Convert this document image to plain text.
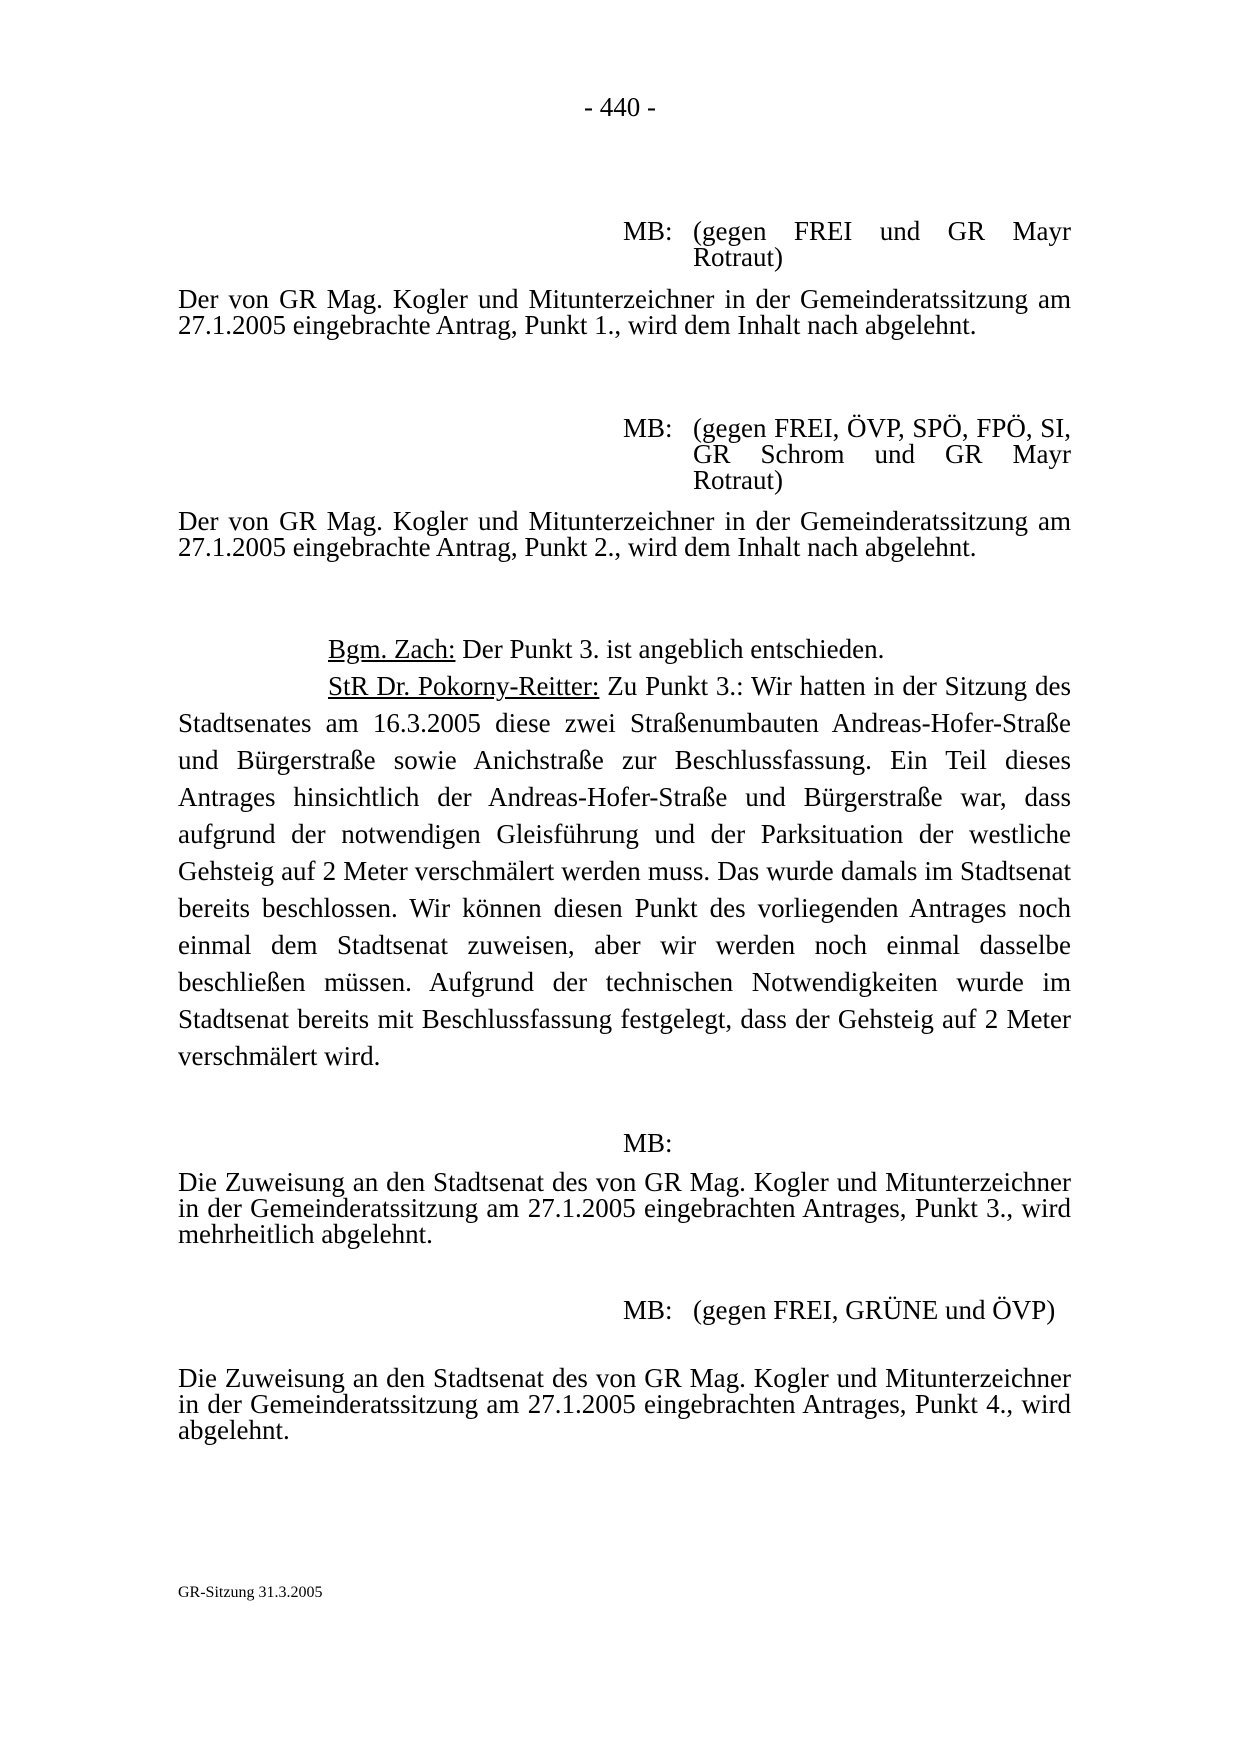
- 440 -
MB: (gegen FREI und GR Mayr Rotraut)
Der von GR Mag. Kogler und Mitunterzeichner in der Gemeinderatssitzung am 27.1.2005 eingebrachte Antrag, Punkt 1., wird dem Inhalt nach abgelehnt.
MB: (gegen FREI, ÖVP, SPÖ, FPÖ, SI, GR Schrom und GR Mayr Rotraut)
Der von GR Mag. Kogler und Mitunterzeichner in der Gemeinderatssitzung am 27.1.2005 eingebrachte Antrag, Punkt 2., wird dem Inhalt nach abgelehnt.

Bgm. Zach: Der Punkt 3. ist angeblich entschieden.

StR Dr. Pokorny-Reitter: Zu Punkt 3.: Wir hatten in der Sitzung des Stadtsenates am 16.3.2005 diese zwei Straßenumbauten Andreas-Hofer-Straße und Bürgerstraße sowie Anichstraße zur Beschlussfassung. Ein Teil dieses Antrages hinsichtlich der Andreas-Hofer-Straße und Bürgerstraße war, dass aufgrund der notwendigen Gleisführung und der Parksituation der westliche Gehsteig auf 2 Meter verschmälert werden muss. Das wurde damals im Stadtsenat bereits beschlossen. Wir können diesen Punkt des vorliegenden Antrages noch einmal dem Stadtsenat zuweisen, aber wir werden noch einmal dasselbe beschließen müssen. Aufgrund der technischen Notwendigkeiten wurde im Stadtsenat bereits mit Beschlussfassung festgelegt, dass der Gehsteig auf 2 Meter verschmälert wird.

MB:
Die Zuweisung an den Stadtsenat des von GR Mag. Kogler und Mitunterzeichner in der Gemeinderatssitzung am 27.1.2005 eingebrachten Antrages, Punkt 3., wird mehrheitlich abgelehnt.
MB: (gegen FREI, GRÜNE und ÖVP)
Die Zuweisung an den Stadtsenat des von GR Mag. Kogler und Mitunterzeichner in der Gemeinderatssitzung am 27.1.2005 eingebrachten Antrages, Punkt 4., wird abgelehnt.
GR-Sitzung 31.3.2005
